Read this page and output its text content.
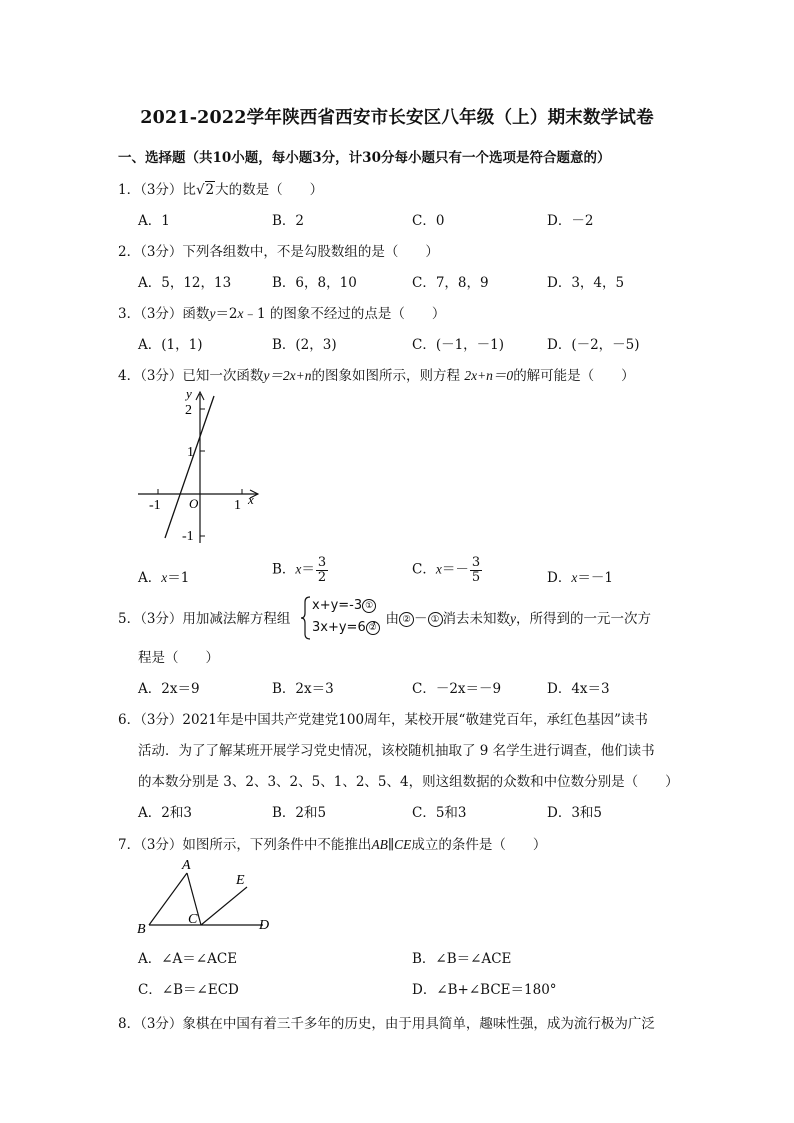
2021-2022学年陕西省西安市长安区八年级（上）期末数学试卷
一、选择题（共10小题，每小题3分，计30分每小题只有一个选项是符合题意的）
1．（3分）比√2大的数是（　　）
A．1	B．2	C．0	D．－2
2．（3分）下列各组数中，不是勾股数组的是（　　）
A．5，12，13	B．6，8，10	C．7，8，9	D．3，4，5
3．（3分）函数y＝2x﹣1 的图象不经过的点是（　　）
A．(1，1)	B．(2，3)	C．(－1，－1)	D．(－2，－5)
4．（3分）已知一次函数y＝2x+n的图象如图所示，则方程 2x+n＝0的解可能是（　　）
y
2
1
-1
-1 O	1 x
A．x＝1
B．$x= \frac{3}{2}$	C．$x=- \frac{3}{5}$	D．x＝－1
5．（3分）用加减法解方程组
x+y=-3 ①
3x+y=6 ②
，由 ② － ① 消去未知数y，所得到的一元一次方
程是（　　）
A．2x＝9	B．2x＝3	C．－2x＝－9	D．4x＝3
6．（3分）2021年是中国共产党建党100周年，某校开展“敬建党百年，承红色基因”读书
活动．为了了解某班开展学习党史情况，该校随机抽取了 9 名学生进行调查，他们读书
的本数分别是 3、2、3、2、5、1、2、5、4，则这组数据的众数和中位数分别是（　　）
A．2和3	B．2和5	C．5和3	D．3和5
7．（3分）如图所示，下列条件中不能推出AB∥CE成立的条件是（　　）
A
B
C	D
E
A．∠A＝∠ACE	B．∠B＝∠ACE
C．∠B＝∠ECD	D．∠B+∠BCE＝180°
8．（3分）象棋在中国有着三千多年的历史，由于用具简单，趣味性强，成为流行极为广泛
